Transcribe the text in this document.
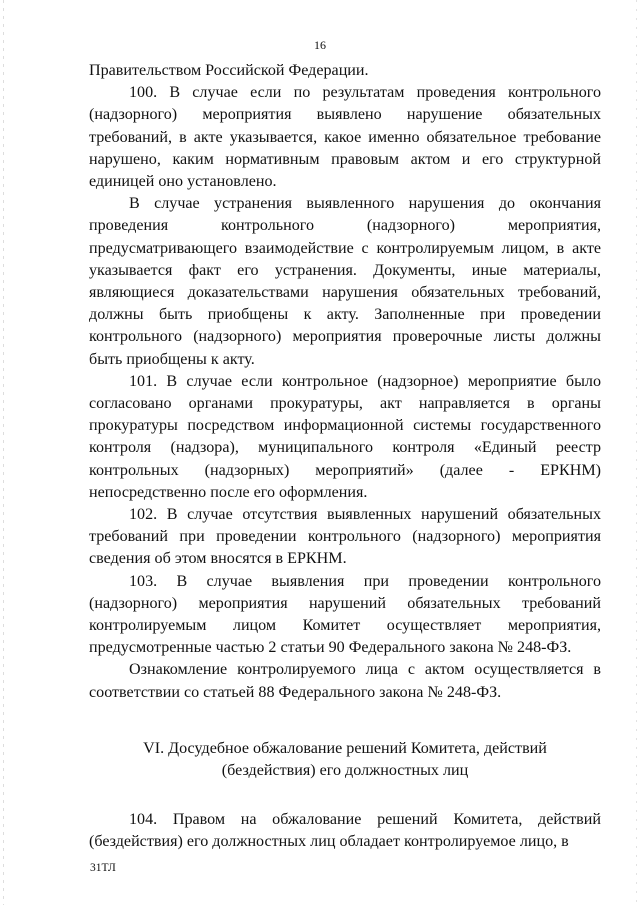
16

Правительством Российской Федерации.

100. В случае если по результатам проведения контрольного (надзорного) мероприятия выявлено нарушение обязательных требований, в акте указывается, какое именно обязательное требование нарушено, каким нормативным правовым актом и его структурной единицей оно установлено.

В случае устранения выявленного нарушения до окончания проведения контрольного (надзорного) мероприятия, предусматривающего взаимодействие с контролируемым лицом, в акте указывается факт его устранения. Документы, иные материалы, являющиеся доказательствами нарушения обязательных требований, должны быть приобщены к акту. Заполненные при проведении контрольного (надзорного) мероприятия проверочные листы должны быть приобщены к акту.

101. В случае если контрольное (надзорное) мероприятие было согласовано органами прокуратуры, акт направляется в органы прокуратуры посредством информационной системы государственного контроля (надзора), муниципального контроля «Единый реестр контрольных (надзорных) мероприятий» (далее - ЕРКНМ) непосредственно после его оформления.

102. В случае отсутствия выявленных нарушений обязательных требований при проведении контрольного (надзорного) мероприятия сведения об этом вносятся в ЕРКНМ.

103. В случае выявления при проведении контрольного (надзорного) мероприятия нарушений обязательных требований контролируемым лицом Комитет осуществляет мероприятия, предусмотренные частью 2 статьи 90 Федерального закона № 248-ФЗ.

Ознакомление контролируемого лица с актом осуществляется в соответствии со статьей 88 Федерального закона № 248-ФЗ.

VI. Досудебное обжалование решений Комитета, действий
(бездействия) его должностных лиц

104. Правом на обжалование решений Комитета, действий (бездействия) его должностных лиц обладает контролируемое лицо, в

31ТЛ
